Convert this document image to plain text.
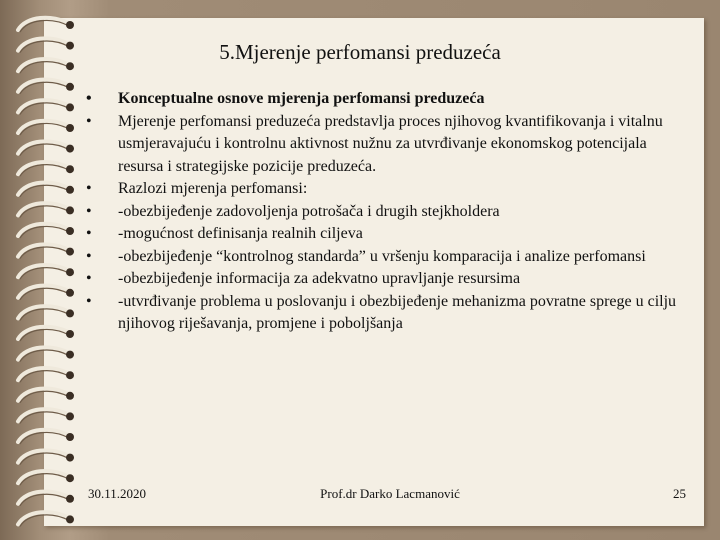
5.Mjerenje perfomansi preduzeća
• Konceptualne osnove mjerenja perfomansi preduzeća
• Mjerenje perfomansi preduzeća predstavlja proces njihovog kvantifikovanja i vitalnu usmjeravajuću i kontrolnu aktivnost nužnu za utvrđivanje ekonomskog potencijala resursa i strategijske pozicije preduzeća.
• Razlozi mjerenja perfomansi:
• -obezbijeđenje zadovoljenja potrošača i drugih stejkholdera
• -mogućnost definisanja realnih ciljeva
• -obezbijeđenje “kontrolnog standarda” u vršenju komparacija i analize perfomansi
• -obezbijeđenje informacija za adekvatno upravljanje resursima
• -utvrđivanje problema u poslovanju i obezbijeđenje mehanizma povratne sprege u cilju njihovog riješavanja, promjene i poboljšanja
30.11.2020	Prof.dr Darko Lacmanović	25
